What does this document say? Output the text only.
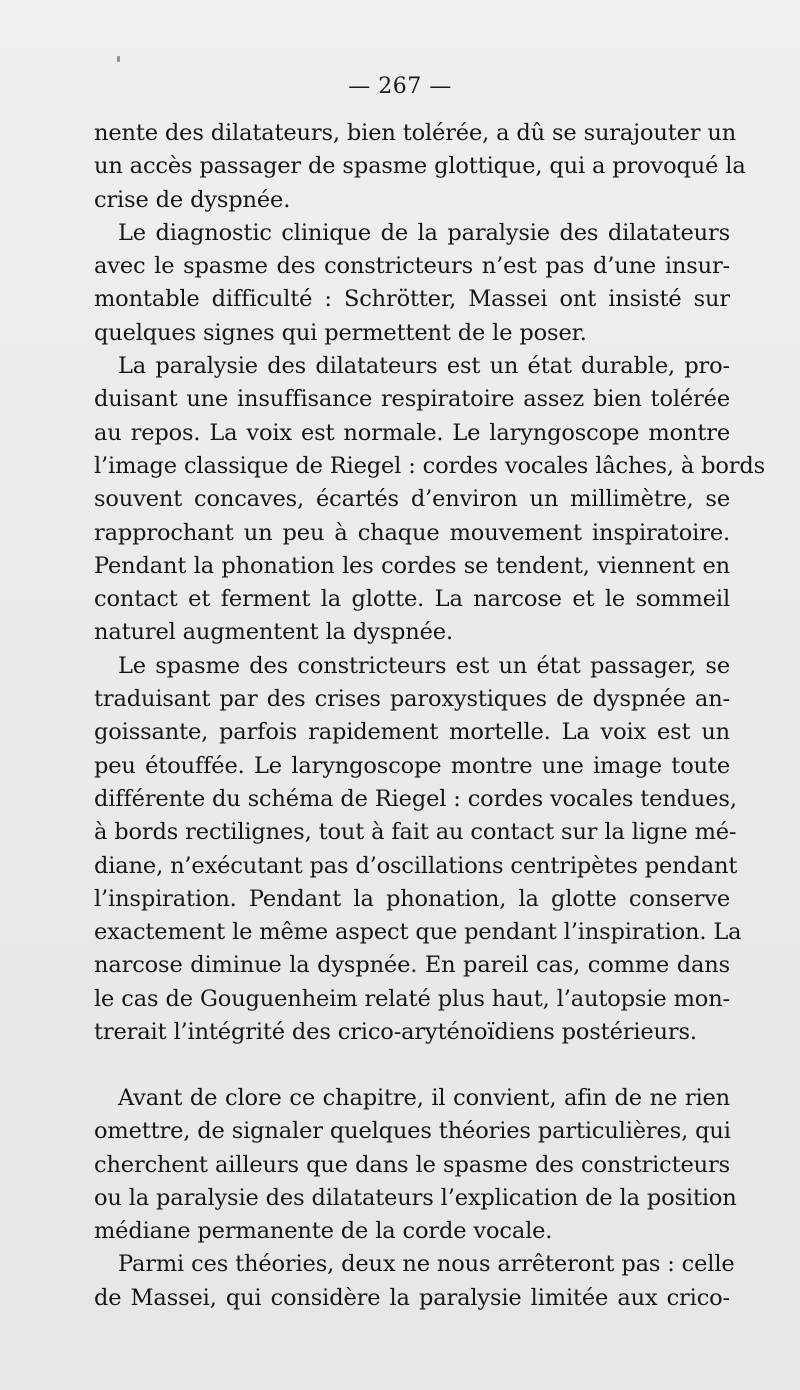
— 267 —
nente des dilatateurs, bien tolérée, a dû se surajouter un
un accès passager de spasme glottique, qui a provoqué la
crise de dyspnée.
Le diagnostic clinique de la paralysie des dilatateurs
avec le spasme des constricteurs n’est pas d’une insur-
montable difficulté : Schrötter, Massei ont insisté sur
quelques signes qui permettent de le poser.
La paralysie des dilatateurs est un état durable, pro-
duisant une insuffisance respiratoire assez bien tolérée
au repos. La voix est normale. Le laryngoscope montre
l’image classique de Riegel : cordes vocales lâches, à bords
souvent concaves, écartés d’environ un millimètre, se
rapprochant un peu à chaque mouvement inspiratoire.
Pendant la phonation les cordes se tendent, viennent en
contact et ferment la glotte. La narcose et le sommeil
naturel augmentent la dyspnée.
Le spasme des constricteurs est un état passager, se
traduisant par des crises paroxystiques de dyspnée an-
goissante, parfois rapidement mortelle. La voix est un
peu étouffée. Le laryngoscope montre une image toute
différente du schéma de Riegel : cordes vocales tendues,
à bords rectilignes, tout à fait au contact sur la ligne mé-
diane, n’exécutant pas d’oscillations centripètes pendant
l’inspiration. Pendant la phonation, la glotte conserve
exactement le même aspect que pendant l’inspiration. La
narcose diminue la dyspnée. En pareil cas, comme dans
le cas de Gouguenheim relaté plus haut, l’autopsie mon-
trerait l’intégrité des crico-aryténoïdiens postérieurs.
Avant de clore ce chapitre, il convient, afin de ne rien
omettre, de signaler quelques théories particulières, qui
cherchent ailleurs que dans le spasme des constricteurs
ou la paralysie des dilatateurs l’explication de la position
médiane permanente de la corde vocale.
Parmi ces théories, deux ne nous arrêteront pas : celle
de Massei, qui considère la paralysie limitée aux crico-
